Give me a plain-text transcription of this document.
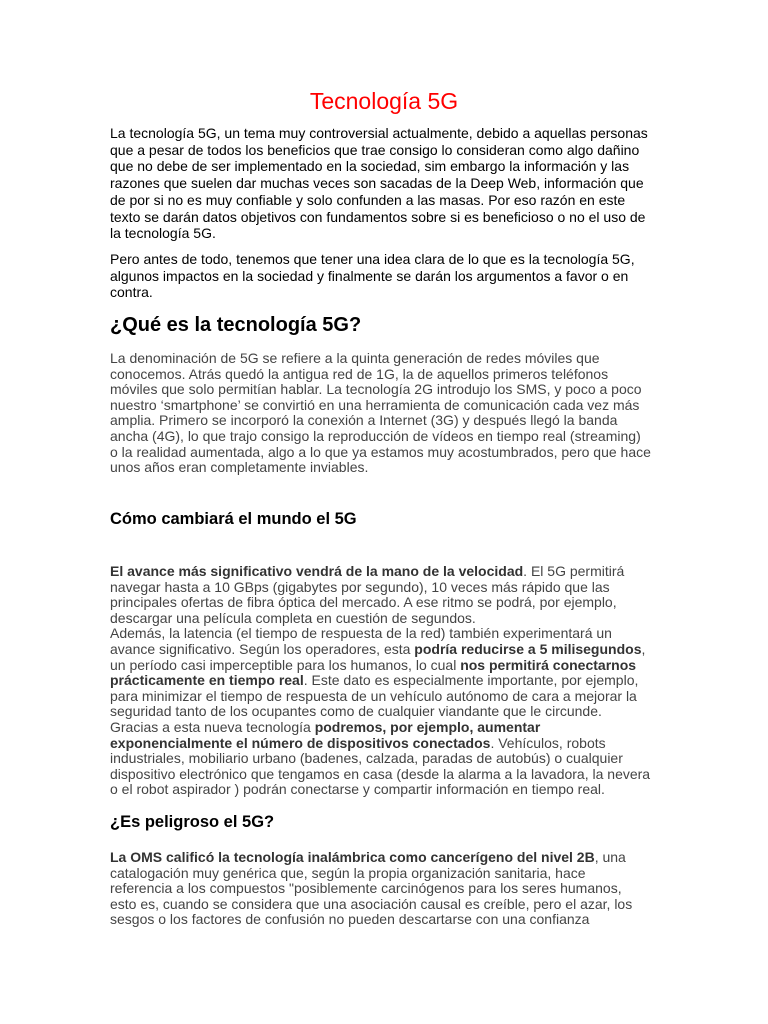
Tecnología 5G
La tecnología 5G, un tema muy controversial actualmente, debido a aquellas personas
que a pesar de todos los beneficios que trae consigo lo consideran como algo dañino
que no debe de ser implementado en la sociedad, sim embargo la información y las
razones que suelen dar muchas veces son sacadas de la Deep Web, información que
de por si no es muy confiable y solo confunden a las masas. Por eso razón en este
texto se darán datos objetivos con fundamentos sobre si es beneficioso o no el uso de
la tecnología 5G.
Pero antes de todo, tenemos que tener una idea clara de lo que es la tecnología 5G,
algunos impactos en la sociedad y finalmente se darán los argumentos a favor o en
contra.
¿Qué es la tecnología 5G?
La denominación de 5G se refiere a la quinta generación de redes móviles que
conocemos. Atrás quedó la antigua red de 1G, la de aquellos primeros teléfonos
móviles que solo permitían hablar. La tecnología 2G introdujo los SMS, y poco a poco
nuestro ‘smartphone’ se convirtió en una herramienta de comunicación cada vez más
amplia. Primero se incorporó la conexión a Internet (3G) y después llegó la banda
ancha (4G), lo que trajo consigo la reproducción de vídeos en tiempo real (streaming)
o la realidad aumentada, algo a lo que ya estamos muy acostumbrados, pero que hace
unos años eran completamente inviables.
Cómo cambiará el mundo el 5G
El avance más significativo vendrá de la mano de la velocidad. El 5G permitirá
navegar hasta a 10 GBps (gigabytes por segundo), 10 veces más rápido que las
principales ofertas de fibra óptica del mercado. A ese ritmo se podrá, por ejemplo,
descargar una película completa en cuestión de segundos.
Además, la latencia (el tiempo de respuesta de la red) también experimentará un
avance significativo. Según los operadores, esta podría reducirse a 5 milisegundos,
un período casi imperceptible para los humanos, lo cual nos permitirá conectarnos
prácticamente en tiempo real. Este dato es especialmente importante, por ejemplo,
para minimizar el tiempo de respuesta de un vehículo autónomo de cara a mejorar la
seguridad tanto de los ocupantes como de cualquier viandante que le circunde.
Gracias a esta nueva tecnología podremos, por ejemplo, aumentar
exponencialmente el número de dispositivos conectados. Vehículos, robots
industriales, mobiliario urbano (badenes, calzada, paradas de autobús) o cualquier
dispositivo electrónico que tengamos en casa (desde la alarma a la lavadora, la nevera
o el robot aspirador ) podrán conectarse y compartir información en tiempo real.
¿Es peligroso el 5G?
La OMS calificó la tecnología inalámbrica como cancerígeno del nivel 2B, una
catalogación muy genérica que, según la propia organización sanitaria, hace
referencia a los compuestos "posiblemente carcinógenos para los seres humanos,
esto es, cuando se considera que una asociación causal es creíble, pero el azar, los
sesgos o los factores de confusión no pueden descartarse con una confianza
